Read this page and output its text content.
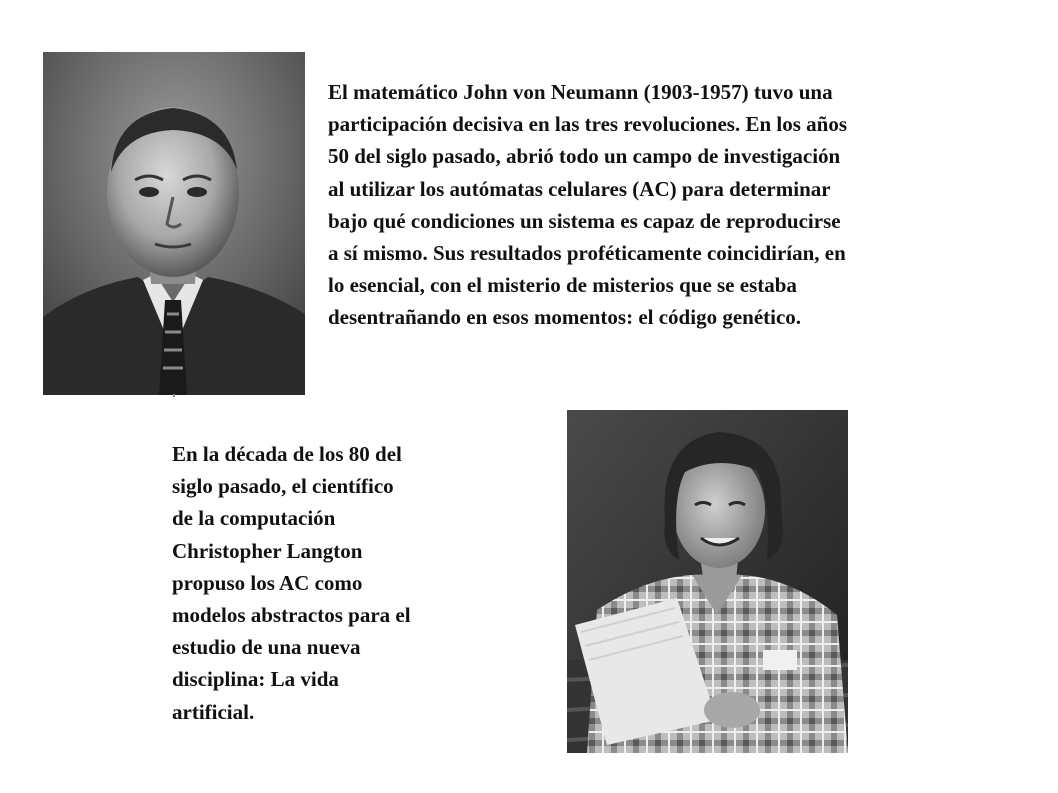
El matemático John von Neumann (1903-1957) tuvo una
participación decisiva en las tres revoluciones. En los años
50 del siglo pasado, abrió todo un campo de investigación
al utilizar los autómatas celulares (AC) para determinar
bajo qué condiciones un sistema es capaz de reproducirse
a sí mismo. Sus resultados proféticamente coincidirían, en
lo esencial, con el misterio de misterios que se estaba
desentrañando en esos momentos: el código genético.

En la década de los 80 del
siglo pasado, el científico
de la computación
Christopher Langton
propuso los AC como
modelos abstractos para el
estudio de una nueva
disciplina: La vida
artificial.
